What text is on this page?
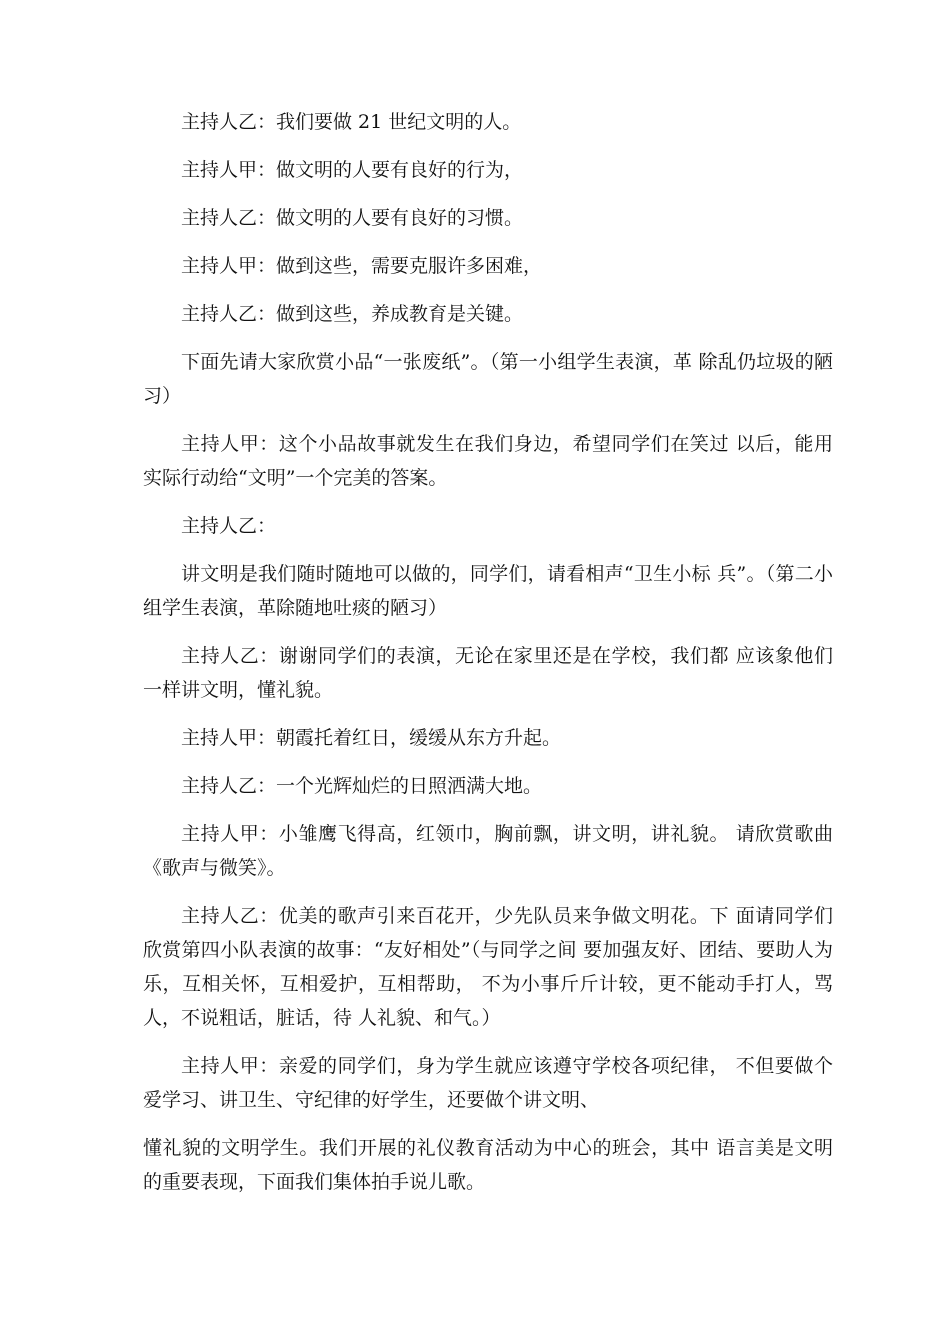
主持人乙：我们要做 21 世纪文明的人。

主持人甲：做文明的人要有良好的行为，

主持人乙：做文明的人要有良好的习惯。

主持人甲：做到这些，需要克服许多困难，

主持人乙：做到这些，养成教育是关键。

下面先请大家欣赏小品“一张废纸”。（第一小组学生表演，革 除乱仍垃圾的陋习）

主持人甲：这个小品故事就发生在我们身边，希望同学们在笑过 以后，能用实际行动给“文明”一个完美的答案。

主持人乙：

讲文明是我们随时随地可以做的，同学们，请看相声“卫生小标 兵”。（第二小组学生表演，革除随地吐痰的陋习）

主持人乙：谢谢同学们的表演，无论在家里还是在学校，我们都 应该象他们一样讲文明，懂礼貌。

主持人甲：朝霞托着红日，缓缓从东方升起。

主持人乙：一个光辉灿烂的日照洒满大地。

主持人甲：小雏鹰飞得高，红领巾，胸前飘，讲文明，讲礼貌。 请欣赏歌曲《歌声与微笑》。

主持人乙：优美的歌声引来百花开，少先队员来争做文明花。下 面请同学们欣赏第四小队表演的故事：“友好相处”（与同学之间 要加强友好、团结、要助人为乐，互相关怀，互相爱护，互相帮助， 不为小事斤斤计较，更不能动手打人，骂人，不说粗话，脏话，待 人礼貌、和气。）

主持人甲：亲爱的同学们，身为学生就应该遵守学校各项纪律， 不但要做个爱学习、讲卫生、守纪律的好学生，还要做个讲文明、

懂礼貌的文明学生。我们开展的礼仪教育活动为中心的班会，其中 语言美是文明的重要表现，下面我们集体拍手说儿歌。
